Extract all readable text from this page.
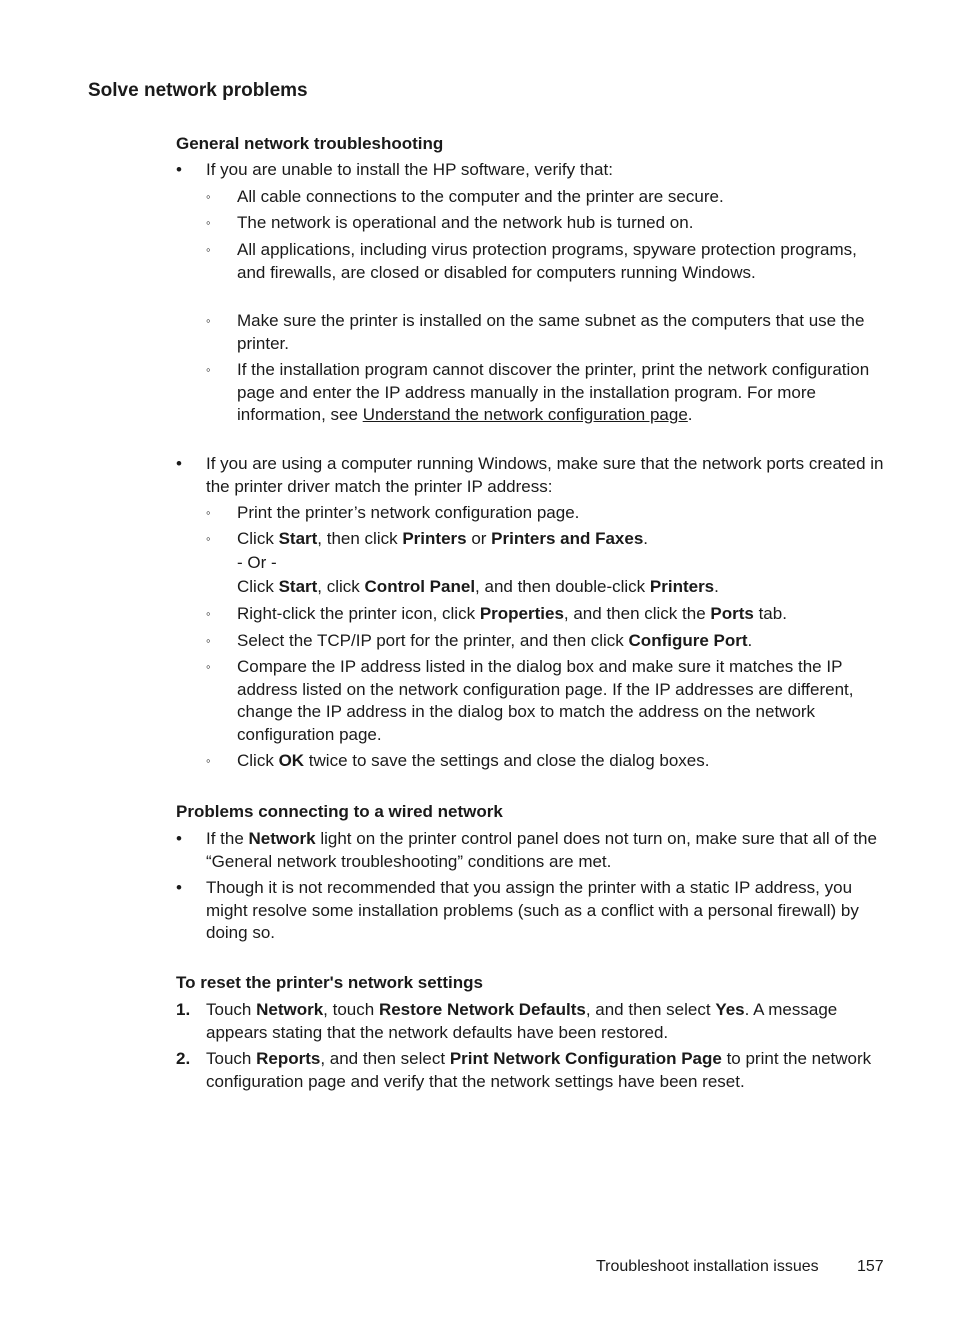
Solve network problems
General network troubleshooting
• If you are unable to install the HP software, verify that:
◦ All cable connections to the computer and the printer are secure.
◦ The network is operational and the network hub is turned on.
◦ All applications, including virus protection programs, spyware protection programs, and firewalls, are closed or disabled for computers running Windows.
◦ Make sure the printer is installed on the same subnet as the computers that use the printer.
◦ If the installation program cannot discover the printer, print the network configuration page and enter the IP address manually in the installation program. For more information, see Understand the network configuration page.
• If you are using a computer running Windows, make sure that the network ports created in the printer driver match the printer IP address:
◦ Print the printer’s network configuration page.
◦ Click Start, then click Printers or Printers and Faxes.
- Or -
Click Start, click Control Panel, and then double-click Printers.
◦ Right-click the printer icon, click Properties, and then click the Ports tab.
◦ Select the TCP/IP port for the printer, and then click Configure Port.
◦ Compare the IP address listed in the dialog box and make sure it matches the IP address listed on the network configuration page. If the IP addresses are different, change the IP address in the dialog box to match the address on the network configuration page.
◦ Click OK twice to save the settings and close the dialog boxes.
Problems connecting to a wired network
• If the Network light on the printer control panel does not turn on, make sure that all of the “General network troubleshooting” conditions are met.
• Though it is not recommended that you assign the printer with a static IP address, you might resolve some installation problems (such as a conflict with a personal firewall) by doing so.
To reset the printer's network settings
1. Touch Network, touch Restore Network Defaults, and then select Yes. A message appears stating that the network defaults have been restored.
2. Touch Reports, and then select Print Network Configuration Page to print the network configuration page and verify that the network settings have been reset.
Troubleshoot installation issues 157
